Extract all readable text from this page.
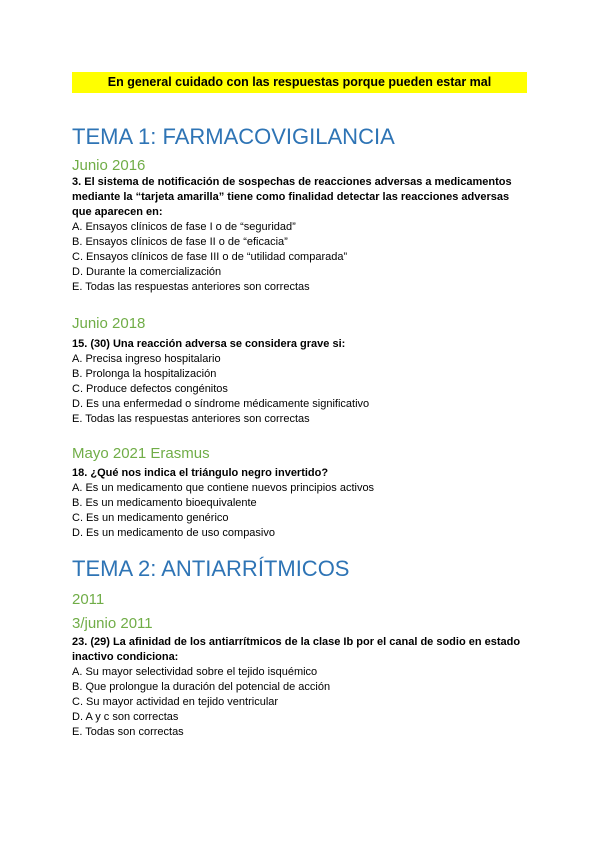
En general cuidado con las respuestas porque pueden estar mal
TEMA 1: FARMACOVIGILANCIA

Junio 2016

3. El sistema de notificación de sospechas de reacciones adversas a medicamentos mediante la “tarjeta amarilla” tiene como finalidad detectar las reacciones adversas que aparecen en:

A. Ensayos clínicos de fase I o de “seguridad”

B. Ensayos clínicos de fase II o de “eficacia”

C. Ensayos clínicos de fase III o de “utilidad comparada”

D. Durante la comercialización

E. Todas las respuestas anteriores son correctas

Junio 2018

15. (30) Una reacción adversa se considera grave si:

A. Precisa ingreso hospitalario

B. Prolonga la hospitalización

C. Produce defectos congénitos

D. Es una enfermedad o síndrome médicamente significativo

E. Todas las respuestas anteriores son correctas

Mayo 2021 Erasmus

18. ¿Qué nos indica el triángulo negro invertido?

A. Es un medicamento que contiene nuevos principios activos

B. Es un medicamento bioequivalente

C. Es un medicamento genérico

D. Es un medicamento de uso compasivo

TEMA 2: ANTIARRÍTMICOS

2011

3/junio 2011

23. (29) La afinidad de los antiarrítmicos de la clase Ib por el canal de sodio en estado inactivo condiciona:

A. Su mayor selectividad sobre el tejido isquémico

B. Que prolongue la duración del potencial de acción

C. Su mayor actividad en tejido ventricular

D. A y c son correctas

E. Todas son correctas
